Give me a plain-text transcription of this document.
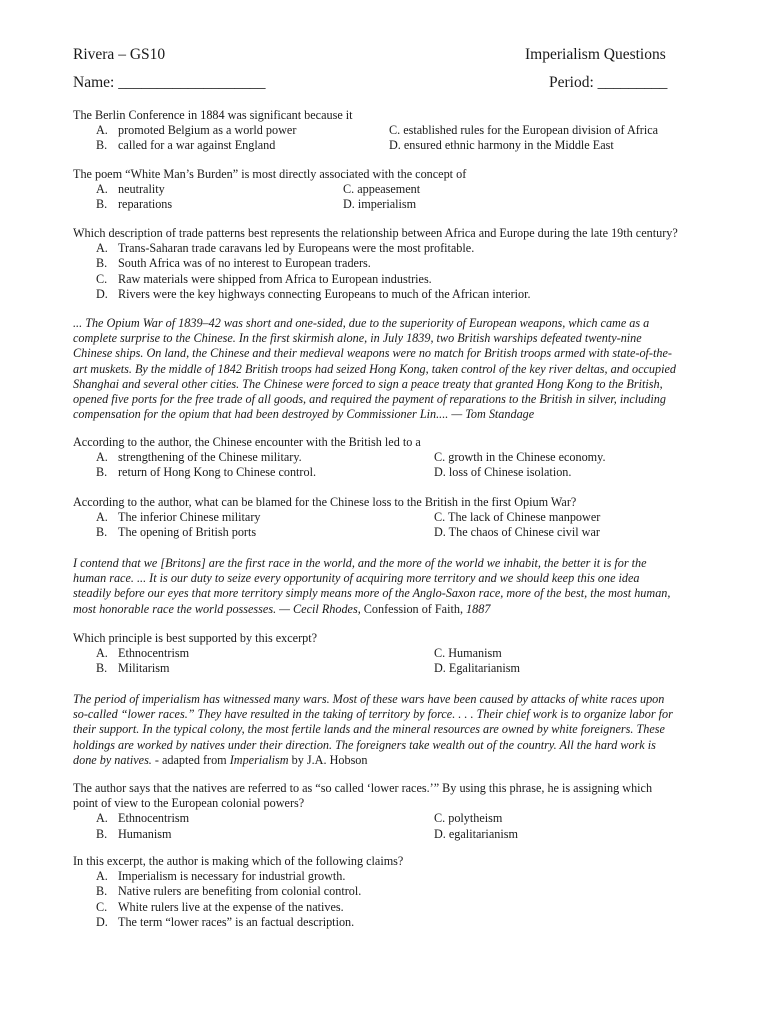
Rivera – GS10	Imperialism Questions
Name: ___________________	Period: _________
The Berlin Conference in 1884 was significant because it
A. promoted Belgium as a world power	C. established rules for the European division of Africa
B. called for a war against England	D. ensured ethnic harmony in the Middle East
The poem “White Man’s Burden” is most directly associated with the concept of
A. neutrality	C. appeasement
B. reparations	D. imperialism
Which description of trade patterns best represents the relationship between Africa and Europe during the late 19th century?
A. Trans-Saharan trade caravans led by Europeans were the most profitable.
B. South Africa was of no interest to European traders.
C. Raw materials were shipped from Africa to European industries.
D. Rivers were the key highways connecting Europeans to much of the African interior.
... The Opium War of 1839–42 was short and one-sided, due to the superiority of European weapons, which came as a
complete surprise to the Chinese. In the first skirmish alone, in July 1839, two British warships defeated twenty-nine
Chinese ships. On land, the Chinese and their medieval weapons were no match for British troops armed with state-of-the-
art muskets. By the middle of 1842 British troops had seized Hong Kong, taken control of the key river deltas, and occupied
Shanghai and several other cities. The Chinese were forced to sign a peace treaty that granted Hong Kong to the British,
opened five ports for the free trade of all goods, and required the payment of reparations to the British in silver, including
compensation for the opium that had been destroyed by Commissioner Lin.... — Tom Standage
According to the author, the Chinese encounter with the British led to a
A. strengthening of the Chinese military.	C. growth in the Chinese economy.
B. return of Hong Kong to Chinese control.	D. loss of Chinese isolation.
According to the author, what can be blamed for the Chinese loss to the British in the first Opium War?
A. The inferior Chinese military	C. The lack of Chinese manpower
B. The opening of British ports	D. The chaos of Chinese civil war
I contend that we [Britons] are the first race in the world, and the more of the world we inhabit, the better it is for the
human race. ... It is our duty to seize every opportunity of acquiring more territory and we should keep this one idea
steadily before our eyes that more territory simply means more of the Anglo-Saxon race, more of the best, the most human,
most honorable race the world possesses. — Cecil Rhodes, Confession of Faith, 1887
Which principle is best supported by this excerpt?
A. Ethnocentrism	C. Humanism
B. Militarism	D. Egalitarianism
The period of imperialism has witnessed many wars. Most of these wars have been caused by attacks of white races upon
so-called “lower races.” They have resulted in the taking of territory by force. . . . Their chief work is to organize labor for
their support. In the typical colony, the most fertile lands and the mineral resources are owned by white foreigners. These
holdings are worked by natives under their direction. The foreigners take wealth out of the country. All the hard work is
done by natives. - adapted from Imperialism by J.A. Hobson
The author says that the natives are referred to as “so called ‘lower races.’” By using this phrase, he is assigning which
point of view to the European colonial powers?
A. Ethnocentrism	C. polytheism
B. Humanism	D. egalitarianism
In this excerpt, the author is making which of the following claims?
A. Imperialism is necessary for industrial growth.
B. Native rulers are benefiting from colonial control.
C. White rulers live at the expense of the natives.
D. The term “lower races” is an factual description.
